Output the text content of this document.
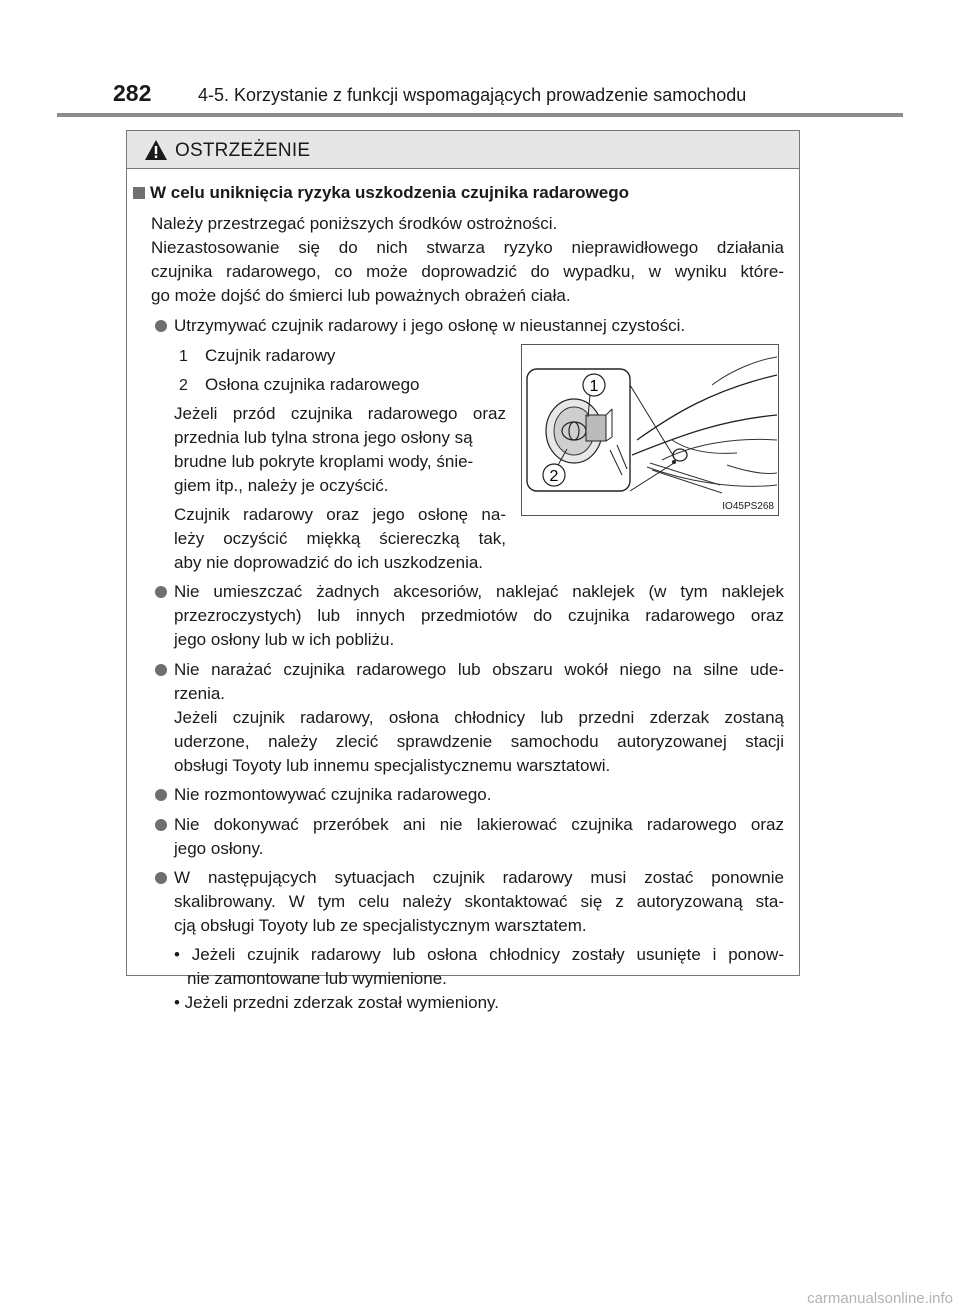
282	4-5. Korzystanie z funkcji wspomagających prowadzenie samochodu
OSTRZEŻENIE
W celu uniknięcia ryzyka uszkodzenia czujnika radarowego
Należy przestrzegać poniższych środków ostrożności.
Niezastosowanie się do nich stwarza ryzyko nieprawidłowego działania
czujnika radarowego, co może doprowadzić do wypadku, w wyniku które-
go może dojść do śmierci lub poważnych obrażeń ciała.
Utrzymywać czujnik radarowy i jego osłonę w nieustannej czystości.
1 Czujnik radarowy
2 Osłona czujnika radarowego
Jeżeli przód czujnika radarowego oraz
przednia lub tylna strona jego osłony są
brudne lub pokryte kroplami wody, śnie-
giem itp., należy je oczyścić.
Czujnik radarowy oraz jego osłonę na-
leży oczyścić miękką ściereczką tak,
aby nie doprowadzić do ich uszkodzenia.
Nie umieszczać żadnych akcesoriów, naklejać naklejek (w tym naklejek
przezroczystych) lub innych przedmiotów do czujnika radarowego oraz
jego osłony lub w ich pobliżu.
Nie narażać czujnika radarowego lub obszaru wokół niego na silne ude-
rzenia.
Jeżeli czujnik radarowy, osłona chłodnicy lub przedni zderzak zostaną
uderzone, należy zlecić sprawdzenie samochodu autoryzowanej stacji
obsługi Toyoty lub innemu specjalistycznemu warsztatowi.
Nie rozmontowywać czujnika radarowego.
Nie dokonywać przeróbek ani nie lakierować czujnika radarowego oraz
jego osłony.
W następujących sytuacjach czujnik radarowy musi zostać ponownie
skalibrowany. W tym celu należy skontaktować się z autoryzowaną sta-
cją obsługi Toyoty lub ze specjalistycznym warsztatem.
• Jeżeli czujnik radarowy lub osłona chłodnicy zostały usunięte i ponow-
nie zamontowane lub wymienione.
• Jeżeli przedni zderzak został wymieniony.
1
2
IO45PS268
carmanualsonline.info
